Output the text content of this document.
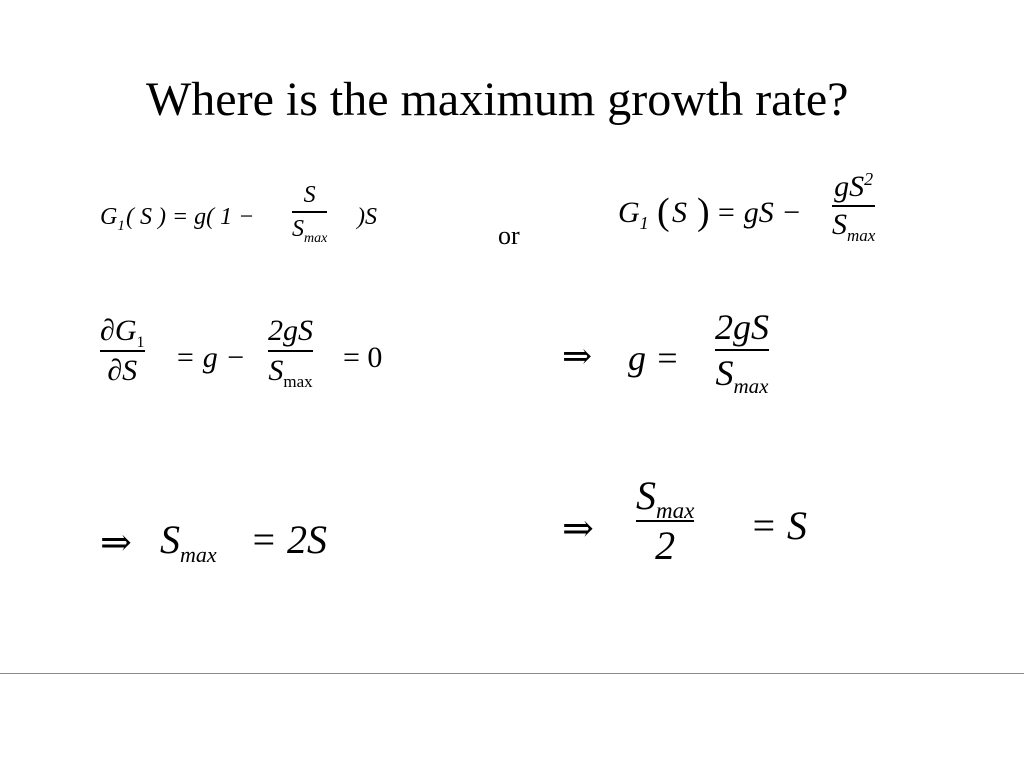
Where is the maximum growth rate?
$G_1$ ( S ) = g( 1 −
S
$S_{max}$
)S
or
$G_1$ ( S ) = gS −
$gS^2$
$S_{max}$
$\partial G_1$
∂S = g −
2gS
$S_{max}$
= 0	⇒ g =
2gS
$S_{max}$
⇒ $S_{max} = 2S$	⇒
$S_{max}$
2	= S
